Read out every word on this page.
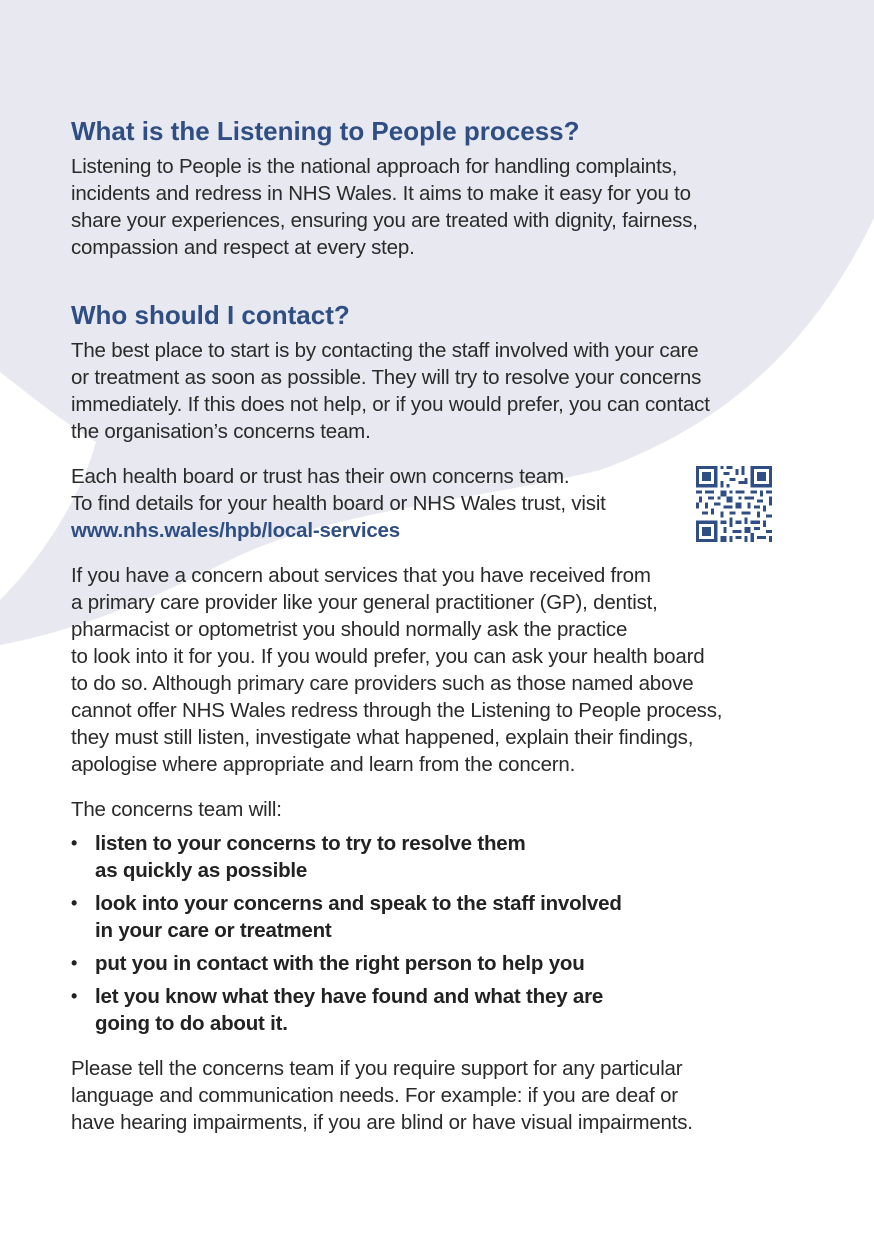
What is the Listening to People process?
Listening to People is the national approach for handling complaints,
incidents and redress in NHS Wales. It aims to make it easy for you to
share your experiences, ensuring you are treated with dignity, fairness,
compassion and respect at every step.
Who should I contact?
The best place to start is by contacting the staff involved with your care
or treatment as soon as possible. They will try to resolve your concerns
immediately. If this does not help, or if you would prefer, you can contact
the organisation’s concerns team.
Each health board or trust has their own concerns team.
To find details for your health board or NHS Wales trust, visit
www.nhs.wales/hpb/local-services
If you have a concern about services that you have received from
a primary care provider like your general practitioner (GP), dentist,
pharmacist or optometrist you should normally ask the practice
to look into it for you. If you would prefer, you can ask your health board
to do so. Although primary care providers such as those named above
cannot offer NHS Wales redress through the Listening to People process,
they must still listen, investigate what happened, explain their findings,
apologise where appropriate and learn from the concern.
The concerns team will:
• listen to your concerns to try to resolve them
as quickly as possible
• look into your concerns and speak to the staff involved
in your care or treatment
• put you in contact with the right person to help you
• let you know what they have found and what they are
going to do about it.
Please tell the concerns team if you require support for any particular
language and communication needs. For example: if you are deaf or
have hearing impairments, if you are blind or have visual impairments.
